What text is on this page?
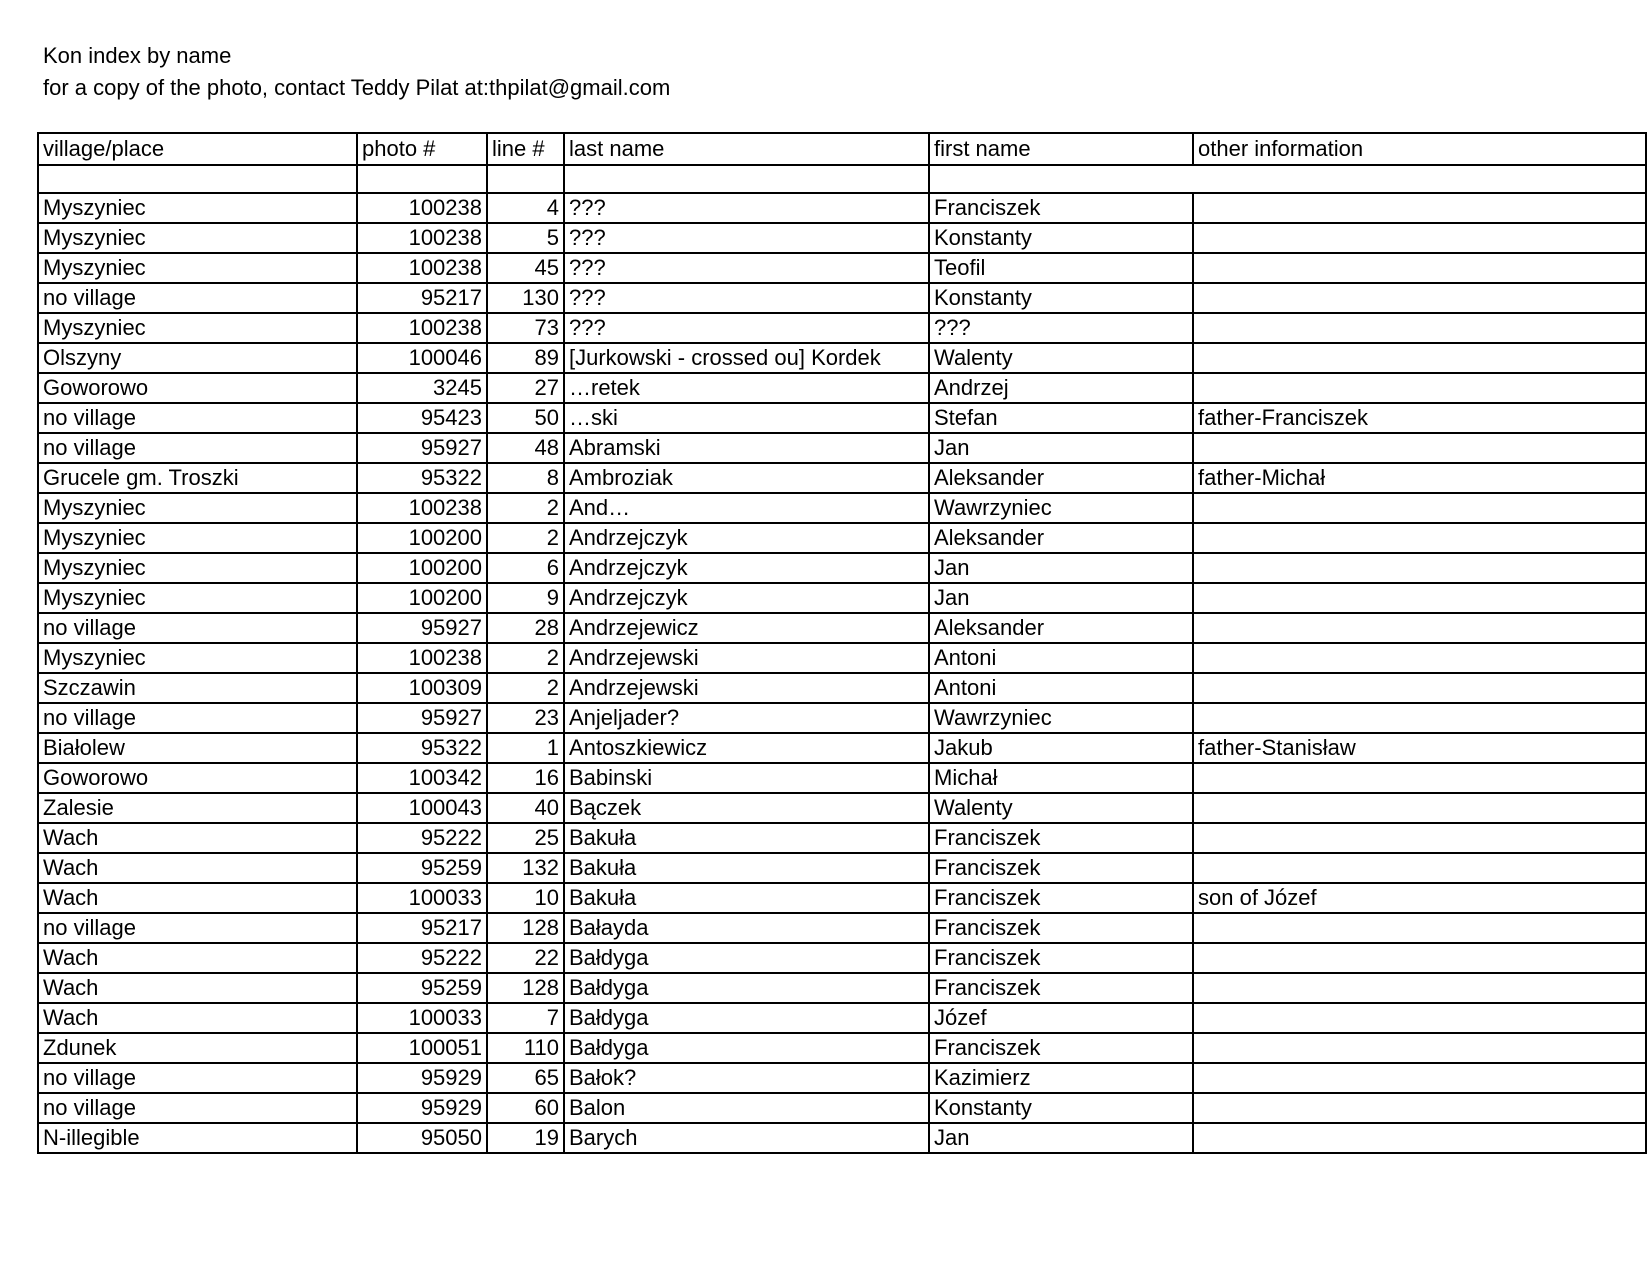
Kon index by name
for a copy of the photo, contact Teddy Pilat at:thpilat@gmail.com
village/place	photo #	line #	last name	first name	other information

Myszyniec	100238	4	???	Franciszek	
Myszyniec	100238	5	???	Konstanty	
Myszyniec	100238	45	???	Teofil	
no village	95217	130	???	Konstanty	
Myszyniec	100238	73	???	???	
Olszyny	100046	89	[Jurkowski - crossed ou] Kordek	Walenty	
Goworowo	3245	27	…retek	Andrzej	
no village	95423	50	…ski	Stefan	father-Franciszek
no village	95927	48	Abramski	Jan	
Grucele gm. Troszki	95322	8	Ambroziak	Aleksander	father-Michał
Myszyniec	100238	2	And…	Wawrzyniec	
Myszyniec	100200	2	Andrzejczyk	Aleksander	
Myszyniec	100200	6	Andrzejczyk	Jan	
Myszyniec	100200	9	Andrzejczyk	Jan	
no village	95927	28	Andrzejewicz	Aleksander	
Myszyniec	100238	2	Andrzejewski	Antoni	
Szczawin	100309	2	Andrzejewski	Antoni	
no village	95927	23	Anjeljader?	Wawrzyniec	
Białolew	95322	1	Antoszkiewicz	Jakub	father-Stanisław
Goworowo	100342	16	Babinski	Michał	
Zalesie	100043	40	Bączek	Walenty	
Wach	95222	25	Bakuła	Franciszek	
Wach	95259	132	Bakuła	Franciszek	
Wach	100033	10	Bakuła	Franciszek	son of Józef
no village	95217	128	Bałayda	Franciszek	
Wach	95222	22	Bałdyga	Franciszek	
Wach	95259	128	Bałdyga	Franciszek	
Wach	100033	7	Bałdyga	Józef	
Zdunek	100051	110	Bałdyga	Franciszek	
no village	95929	65	Bałok?	Kazimierz	
no village	95929	60	Balon	Konstanty	
N-illegible	95050	19	Barych	Jan	
